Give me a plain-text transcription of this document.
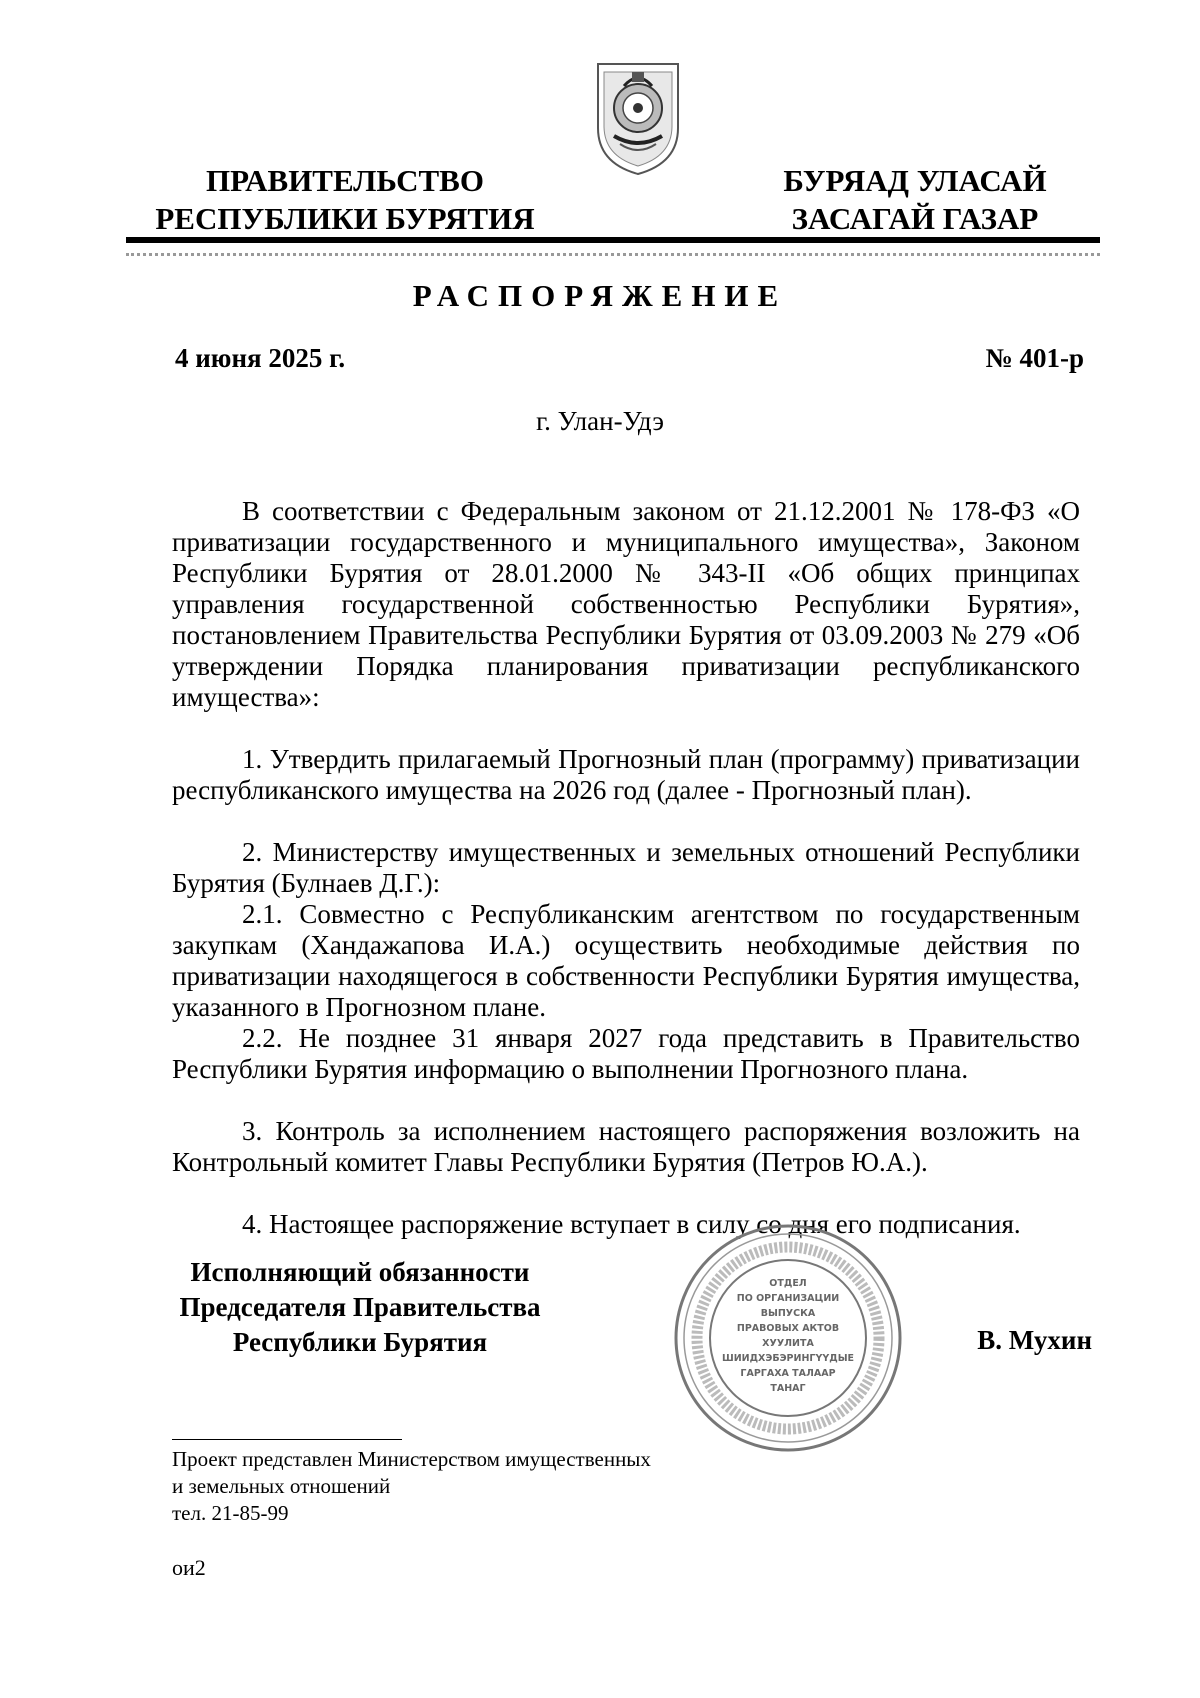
ПРАВИТЕЛЬСТВО
РЕСПУБЛИКИ БУРЯТИЯ
БУРЯАД УЛАСАЙ
ЗАСАГАЙ ГАЗАР
РАСПОРЯЖЕНИЕ
4 июня 2025 г.	№ 401-р
г. Улан-Удэ

В соответствии с Федеральным законом от 21.12.2001 № 178-ФЗ «О приватизации государственного и муниципального имущества», Законом Республики Бурятия от 28.01.2000 № 343-II «Об общих принципах управления государственной собственностью Республики Бурятия», постановлением Правительства Республики Бурятия от 03.09.2003 № 279 «Об утверждении Порядка планирования приватизации республиканского имущества»:

1. Утвердить прилагаемый Прогнозный план (программу) приватизации республиканского имущества на 2026 год (далее - Прогнозный план).

2. Министерству имущественных и земельных отношений Республики Бурятия (Булнаев Д.Г.):

2.1. Совместно с Республиканским агентством по государственным закупкам (Хандажапова И.А.) осуществить необходимые действия по приватизации находящегося в собственности Республики Бурятия имущества, указанного в Прогнозном плане.

2.2. Не позднее 31 января 2027 года представить в Правительство Республики Бурятия информацию о выполнении Прогнозного плана.

3. Контроль за исполнением настоящего распоряжения возложить на Контрольный комитет Главы Республики Бурятия (Петров Ю.А.).

4. Настоящее распоряжение вступает в силу со дня его подписания.

Исполняющий обязанности
Председателя Правительства
Республики Бурятия
ОТДЕЛ
ПО ОРГАНИЗАЦИИ
ВЫПУСКА
ПРАВОВЫХ АКТОВ
ХУУЛИТА
ШИИДХЭБЭРИНГҮҮДЫЕ
ГАРГАХА ТАЛААР
ТАНАГ
В. Мухин
Проект представлен Министерством имущественных
и земельных отношений
тел. 21-85-99
ои2
